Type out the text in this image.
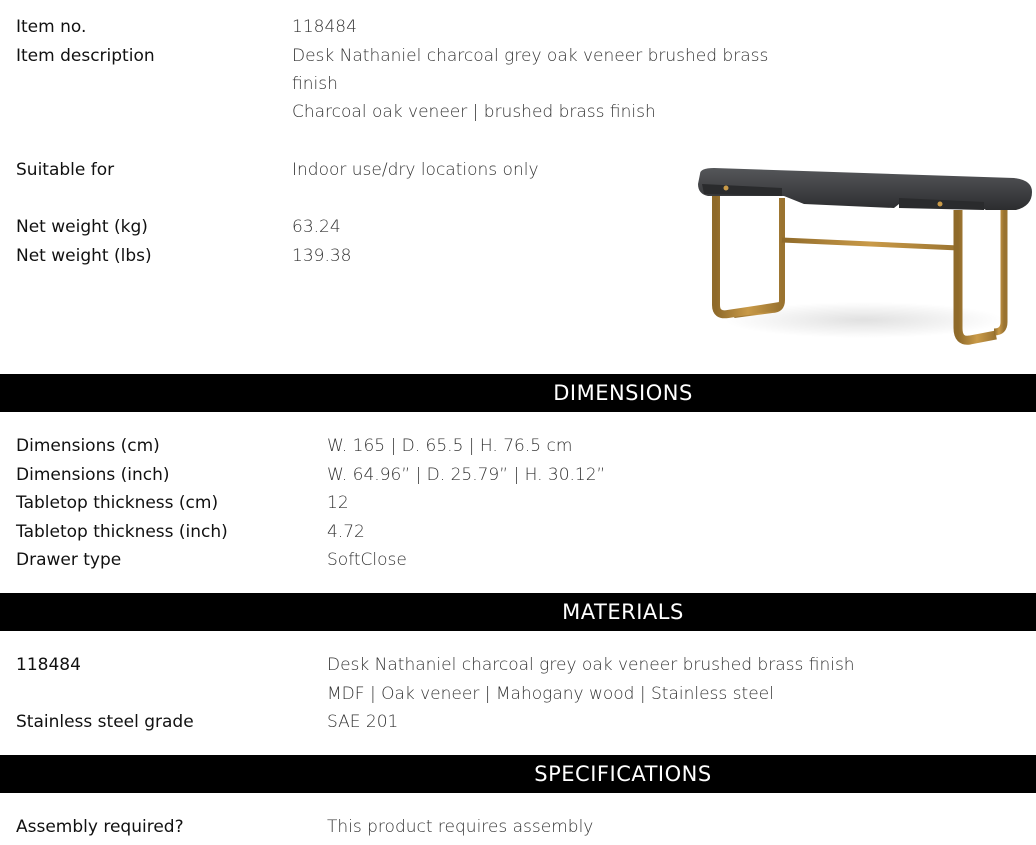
Item no.	118484
Item description	Desk Nathaniel charcoal grey oak veneer brushed brass
finish
Charcoal oak veneer | brushed brass finish
Suitable for	Indoor use/dry locations only
Net weight (kg)	63.24
Net weight (lbs)	139.38
DIMENSIONS
Dimensions (cm)	W. 165 | D. 65.5 | H. 76.5 cm
Dimensions (inch)	W. 64.96” | D. 25.79” | H. 30.12”
Tabletop thickness (cm)	12
Tabletop thickness (inch)	4.72
Drawer type	SoftClose
MATERIALS
118484	Desk Nathaniel charcoal grey oak veneer brushed brass finish
MDF | Oak veneer | Mahogany wood | Stainless steel
Stainless steel grade	SAE 201
SPECIFICATIONS
Assembly required?	This product requires assembly
